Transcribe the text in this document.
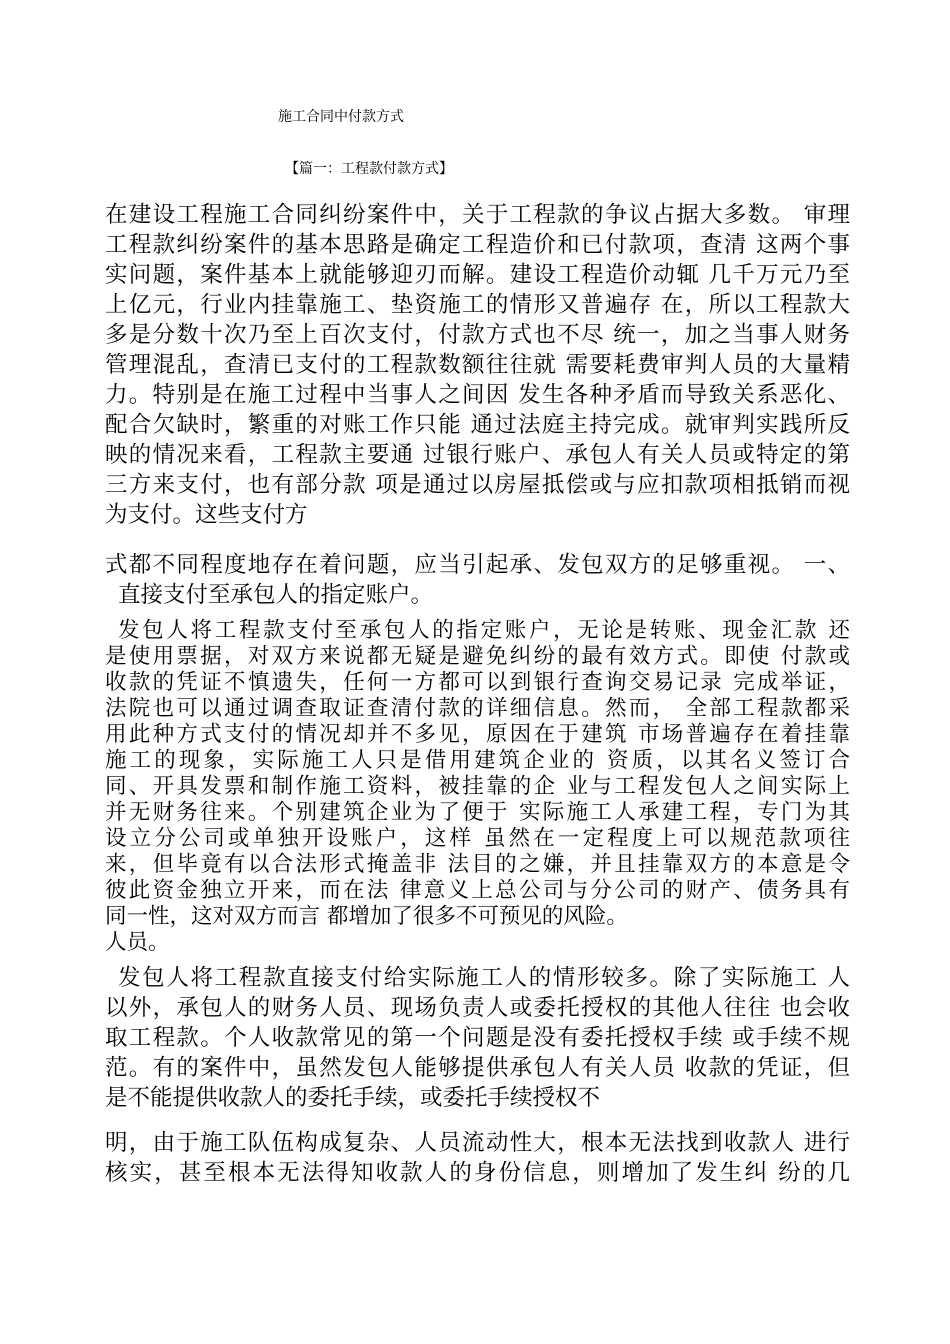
施工合同中付款方式
【篇一：工程款付款方式】
在建设工程施工合同纠纷案件中，关于工程款的争议占据大多数。 审理
工程款纠纷案件的基本思路是确定工程造价和已付款项，查清 这两个事
实问题，案件基本上就能够迎刃而解。建设工程造价动辄 几千万元乃至
上亿元，行业内挂靠施工、垫资施工的情形又普遍存 在，所以工程款大
多是分数十次乃至上百次支付，付款方式也不尽 统一，加之当事人财务
管理混乱，查清已支付的工程款数额往往就 需要耗费审判人员的大量精
力。特别是在施工过程中当事人之间因 发生各种矛盾而导致关系恶化、
配合欠缺时，繁重的对账工作只能 通过法庭主持完成。就审判实践所反
映的情况来看，工程款主要通 过银行账户、承包人有关人员或特定的第
三方来支付，也有部分款 项是通过以房屋抵偿或与应扣款项相抵销而视
为支付。这些支付方
式都不同程度地存在着问题，应当引起承、发包双方的足够重视。 一、
直接支付至承包人的指定账户。
发包人将工程款支付至承包人的指定账户，无论是转账、现金汇款 还
是使用票据，对双方来说都无疑是避免纠纷的最有效方式。即使 付款或
收款的凭证不慎遗失，任何一方都可以到银行查询交易记录 完成举证，
法院也可以通过调查取证查清付款的详细信息。然而， 全部工程款都采
用此种方式支付的情况却并不多见，原因在于建筑 市场普遍存在着挂靠
施工的现象，实际施工人只是借用建筑企业的 资质，以其名义签订合
同、开具发票和制作施工资料，被挂靠的企 业与工程发包人之间实际上
并无财务往来。个别建筑企业为了便于 实际施工人承建工程，专门为其
设立分公司或单独开设账户，这样 虽然在一定程度上可以规范款项往
来，但毕竟有以合法形式掩盖非 法目的之嫌，并且挂靠双方的本意是令
彼此资金独立开来，而在法 律意义上总公司与分公司的财产、债务具有
同一性，这对双方而言 都增加了很多不可预见的风险。
人员。
发包人将工程款直接支付给实际施工人的情形较多。除了实际施工 人
以外，承包人的财务人员、现场负责人或委托授权的其他人往往 也会收
取工程款。个人收款常见的第一个问题是没有委托授权手续 或手续不规
范。有的案件中，虽然发包人能够提供承包人有关人员 收款的凭证，但
是不能提供收款人的委托手续，或委托手续授权不
明，由于施工队伍构成复杂、人员流动性大，根本无法找到收款人 进行
核实，甚至根本无法得知收款人的身份信息，则增加了发生纠 纷的几
